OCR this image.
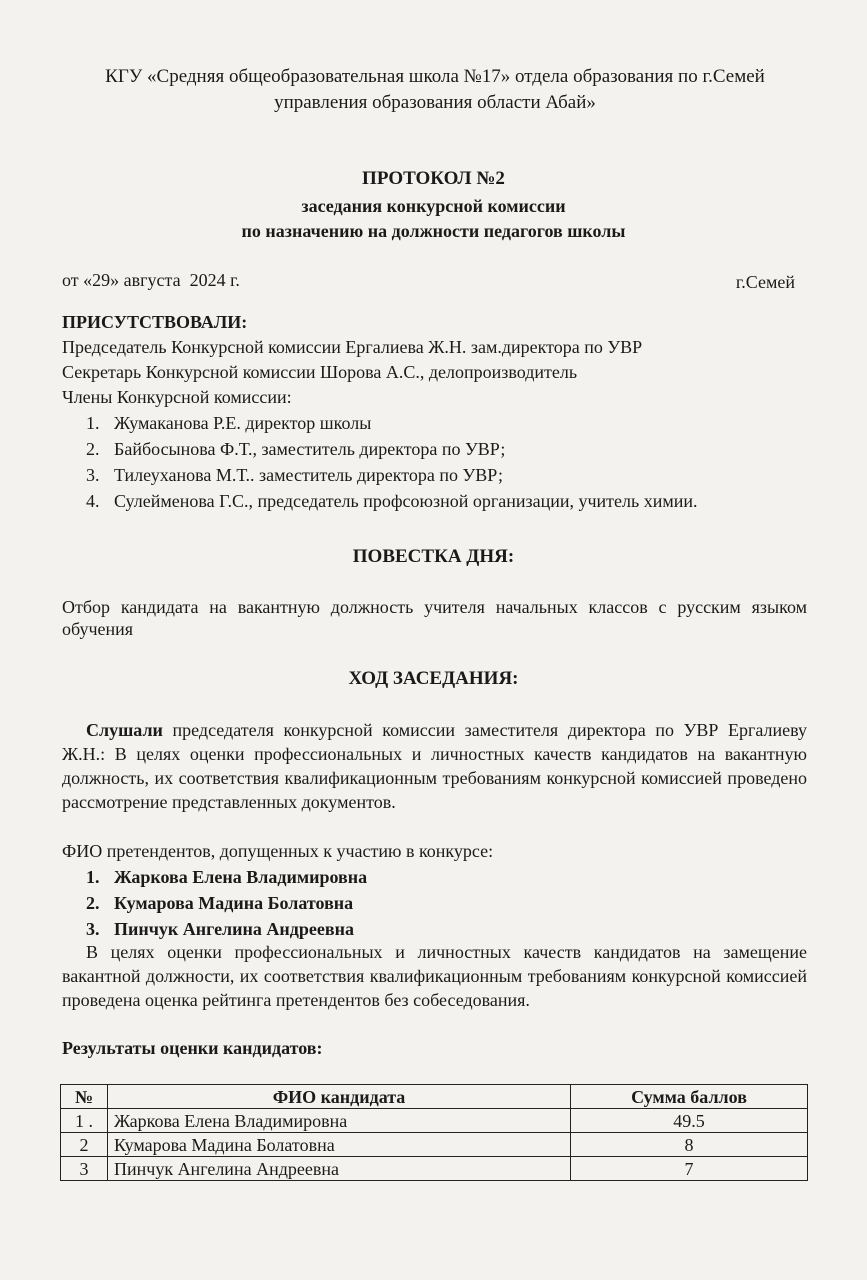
КГУ «Средняя общеобразовательная школа №17» отдела образования по г.Семей
управления образования области Абай»
ПРОТОКОЛ №2
заседания конкурсной комиссии
по назначению на должности педагогов школы
от «29» августа  2024 г.	г.Семей
ПРИСУТСТВОВАЛИ:
Председатель Конкурсной комиссии Ергалиева Ж.Н. зам.директора по УВР
Секретарь Конкурсной комиссии Шорова А.С., делопроизводитель
Члены Конкурсной комиссии:
1. Жумаканова Р.Е. директор школы
2. Байбосынова Ф.Т., заместитель директора по УВР;
3. Тилеуханова М.Т.. заместитель директора по УВР;
4. Сулейменова Г.С., председатель профсоюзной организации, учитель химии.
ПОВЕСТКА ДНЯ:
Отбор кандидата на вакантную должность учителя начальных классов с русским языком обучения
ХОД ЗАСЕДАНИЯ:
Слушали председателя конкурсной комиссии заместителя директора по УВР Ергалиеву Ж.Н.: В целях оценки профессиональных и личностных качеств кандидатов на вакантную должность, их соответствия квалификационным требованиям конкурсной комиссией проведено рассмотрение представленных документов.
ФИО претендентов, допущенных к участию в конкурсе:
1. Жаркова Елена Владимировна
2. Кумарова Мадина Болатовна
3. Пинчук Ангелина Андреевна
В целях оценки профессиональных и личностных качеств кандидатов на замещение вакантной должности, их соответствия квалификационным требованиям конкурсной комиссией проведена оценка рейтинга претендентов без собеседования.
Результаты оценки кандидатов:
№	ФИО кандидата	Сумма баллов
1 .	Жаркова Елена Владимировна	49.5
2	Кумарова Мадина Болатовна	8
3	Пинчук Ангелина Андреевна	7
